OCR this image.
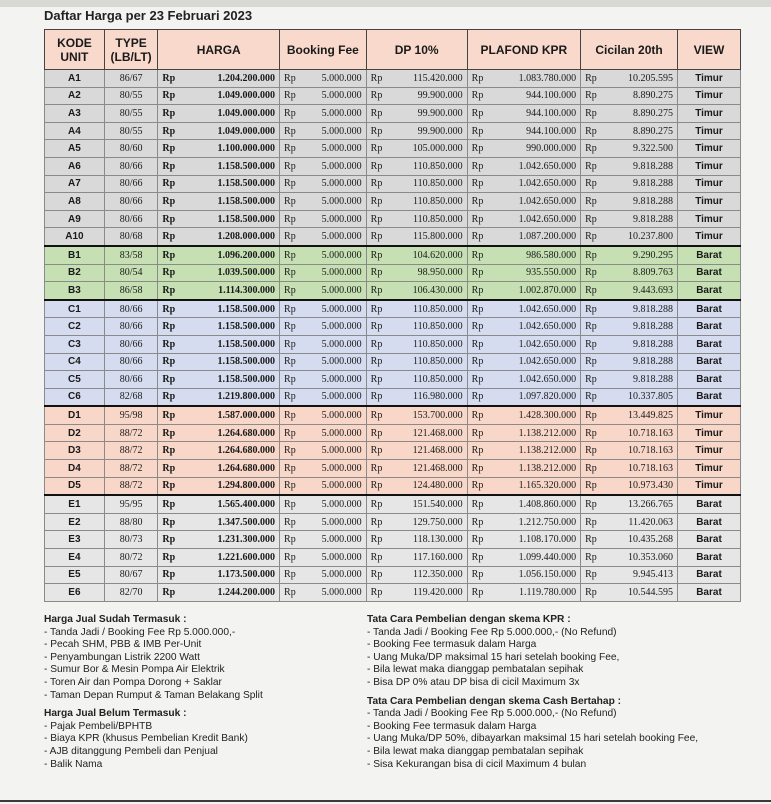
Daftar Harga per 23 Februari 2023
KODE UNIT	TYPE (LB/LT)	HARGA		Booking Fee		DP 10%		PLAFOND KPR		Cicilan 20th		VIEW
A1	86/67	Rp	1.204.200.000	Rp	5.000.000	Rp	115.420.000	Rp	1.083.780.000	Rp	10.205.595	Timur
A2	80/55	Rp	1.049.000.000	Rp	5.000.000	Rp	99.900.000	Rp	944.100.000	Rp	8.890.275	Timur
A3	80/55	Rp	1.049.000.000	Rp	5.000.000	Rp	99.900.000	Rp	944.100.000	Rp	8.890.275	Timur
A4	80/55	Rp	1.049.000.000	Rp	5.000.000	Rp	99.900.000	Rp	944.100.000	Rp	8.890.275	Timur
A5	80/60	Rp	1.100.000.000	Rp	5.000.000	Rp	105.000.000	Rp	990.000.000	Rp	9.322.500	Timur
A6	80/66	Rp	1.158.500.000	Rp	5.000.000	Rp	110.850.000	Rp	1.042.650.000	Rp	9.818.288	Timur
A7	80/66	Rp	1.158.500.000	Rp	5.000.000	Rp	110.850.000	Rp	1.042.650.000	Rp	9.818.288	Timur
A8	80/66	Rp	1.158.500.000	Rp	5.000.000	Rp	110.850.000	Rp	1.042.650.000	Rp	9.818.288	Timur
A9	80/66	Rp	1.158.500.000	Rp	5.000.000	Rp	110.850.000	Rp	1.042.650.000	Rp	9.818.288	Timur
A10	80/68	Rp	1.208.000.000	Rp	5.000.000	Rp	115.800.000	Rp	1.087.200.000	Rp	10.237.800	Timur
B1	83/58	Rp	1.096.200.000	Rp	5.000.000	Rp	104.620.000	Rp	986.580.000	Rp	9.290.295	Barat
B2	80/54	Rp	1.039.500.000	Rp	5.000.000	Rp	98.950.000	Rp	935.550.000	Rp	8.809.763	Barat
B3	86/58	Rp	1.114.300.000	Rp	5.000.000	Rp	106.430.000	Rp	1.002.870.000	Rp	9.443.693	Barat
C1	80/66	Rp	1.158.500.000	Rp	5.000.000	Rp	110.850.000	Rp	1.042.650.000	Rp	9.818.288	Barat
C2	80/66	Rp	1.158.500.000	Rp	5.000.000	Rp	110.850.000	Rp	1.042.650.000	Rp	9.818.288	Barat
C3	80/66	Rp	1.158.500.000	Rp	5.000.000	Rp	110.850.000	Rp	1.042.650.000	Rp	9.818.288	Barat
C4	80/66	Rp	1.158.500.000	Rp	5.000.000	Rp	110.850.000	Rp	1.042.650.000	Rp	9.818.288	Barat
C5	80/66	Rp	1.158.500.000	Rp	5.000.000	Rp	110.850.000	Rp	1.042.650.000	Rp	9.818.288	Barat
C6	82/68	Rp	1.219.800.000	Rp	5.000.000	Rp	116.980.000	Rp	1.097.820.000	Rp	10.337.805	Barat
D1	95/98	Rp	1.587.000.000	Rp	5.000.000	Rp	153.700.000	Rp	1.428.300.000	Rp	13.449.825	Timur
D2	88/72	Rp	1.264.680.000	Rp	5.000.000	Rp	121.468.000	Rp	1.138.212.000	Rp	10.718.163	Timur
D3	88/72	Rp	1.264.680.000	Rp	5.000.000	Rp	121.468.000	Rp	1.138.212.000	Rp	10.718.163	Timur
D4	88/72	Rp	1.264.680.000	Rp	5.000.000	Rp	121.468.000	Rp	1.138.212.000	Rp	10.718.163	Timur
D5	88/72	Rp	1.294.800.000	Rp	5.000.000	Rp	124.480.000	Rp	1.165.320.000	Rp	10.973.430	Timur
E1	95/95	Rp	1.565.400.000	Rp	5.000.000	Rp	151.540.000	Rp	1.408.860.000	Rp	13.266.765	Barat
E2	88/80	Rp	1.347.500.000	Rp	5.000.000	Rp	129.750.000	Rp	1.212.750.000	Rp	11.420.063	Barat
E3	80/73	Rp	1.231.300.000	Rp	5.000.000	Rp	118.130.000	Rp	1.108.170.000	Rp	10.435.268	Barat
E4	80/72	Rp	1.221.600.000	Rp	5.000.000	Rp	117.160.000	Rp	1.099.440.000	Rp	10.353.060	Barat
E5	80/67	Rp	1.173.500.000	Rp	5.000.000	Rp	112.350.000	Rp	1.056.150.000	Rp	9.945.413	Barat
E6	82/70	Rp	1.244.200.000	Rp	5.000.000	Rp	119.420.000	Rp	1.119.780.000	Rp	10.544.595	Barat
Harga Jual Sudah Termasuk :
- Tanda Jadi / Booking Fee Rp 5.000.000,-
- Pecah SHM, PBB & IMB Per-Unit
- Penyambungan Listrik 2200 Watt
- Sumur Bor & Mesin Pompa Air Elektrik
- Toren Air dan Pompa Dorong + Saklar
- Taman Depan Rumput & Taman Belakang Split
Harga Jual Belum Termasuk :
- Pajak Pembeli/BPHTB
- Biaya KPR (khusus Pembelian Kredit Bank)
- AJB ditanggung Pembeli dan Penjual
- Balik Nama
Tata Cara Pembelian dengan skema KPR :
- Tanda Jadi / Booking Fee Rp 5.000.000,- (No Refund)
- Booking Fee termasuk dalam Harga
- Uang Muka/DP maksimal 15 hari setelah booking Fee,
- Bila lewat maka dianggap pembatalan sepihak
- Bisa DP 0% atau DP bisa di cicil Maximum 3x
Tata Cara Pembelian dengan skema Cash Bertahap :
- Tanda Jadi / Booking Fee Rp 5.000.000,- (No Refund)
- Booking Fee termasuk dalam Harga
- Uang Muka/DP 50%, dibayarkan maksimal 15 hari setelah booking Fee,
- Bila lewat maka dianggap pembatalan sepihak
- Sisa Kekurangan bisa di cicil Maximum 4 bulan
